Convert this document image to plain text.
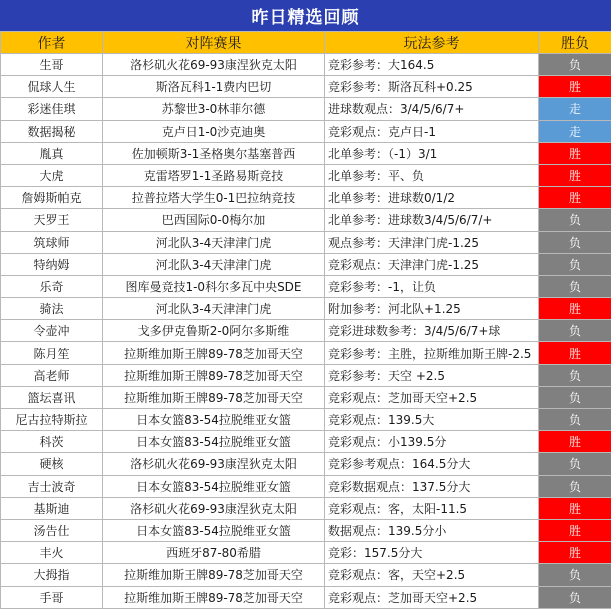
昨日精选回顾
作者	对阵赛果	玩法参考	胜负
生哥	洛杉矶火花69-93康涅狄克太阳	竞彩参考：大164.5	负
侃球人生	斯洛瓦科1-1费内巴切	竞彩参考：斯洛瓦科+0.25	胜
彩迷佳琪	苏黎世3-0林菲尔德	进球数观点：3/4/5/6/7+	走
数据揭秘	克卢日1-0沙克迪奥	竞彩观点：克卢日-1	走
胤真	佐加顿斯3-1圣格奥尔基塞普西	北单参考：（-1）3/1	胜
大虎	克雷塔罗1-1圣路易斯竞技	北单参考：平、负	胜
詹姆斯帕克	拉普拉塔大学生0-1巴拉纳竞技	北单参考：进球数0/1/2	胜
天罗王	巴西国际0-0梅尔加	北单参考：进球数3/4/5/6/7/+	负
筑球师	河北队3-4天津津门虎	观点参考：天津津门虎-1.25	负
特纳姆	河北队3-4天津津门虎	竞彩观点：天津津门虎-1.25	负
乐奇	图库曼竞技1-0科尔多瓦中央SDE	竞彩参考：-1，让负	负
骑法	河北队3-4天津津门虎	附加参考：河北队+1.25	胜
令壶冲	戈多伊克鲁斯2-0阿尔多斯维	竞彩进球数参考：3/4/5/6/7+球	负
陈月笙	拉斯维加斯王牌89-78芝加哥天空	竞彩参考：主胜，拉斯维加斯王牌-2.5	胜
高老师	拉斯维加斯王牌89-78芝加哥天空	竞彩参考：天空 +2.5	负
篮坛喜讯	拉斯维加斯王牌89-78芝加哥天空	竞彩观点：芝加哥天空+2.5	负
尼古拉特斯拉	日本女篮83-54拉脱维亚女篮	竞彩观点：139.5大	负
科茨	日本女篮83-54拉脱维亚女篮	竞彩观点：小139.5分	胜
硬核	洛杉矶火花69-93康涅狄克太阳	竞彩参考观点：164.5分大	负
吉士波奇	日本女篮83-54拉脱维亚女篮	竞彩数据观点：137.5分大	负
基斯迪	洛杉矶火花69-93康涅狄克太阳	竞彩观点：客，太阳-11.5	胜
汤告仕	日本女篮83-54拉脱维亚女篮	数据观点：139.5分小	胜
丰火	西班牙87-80希腊	竞彩：157.5分大	胜
大拇指	拉斯维加斯王牌89-78芝加哥天空	竞彩观点：客，天空+2.5	负
手哥	拉斯维加斯王牌89-78芝加哥天空	竞彩观点：芝加哥天空+2.5	负
